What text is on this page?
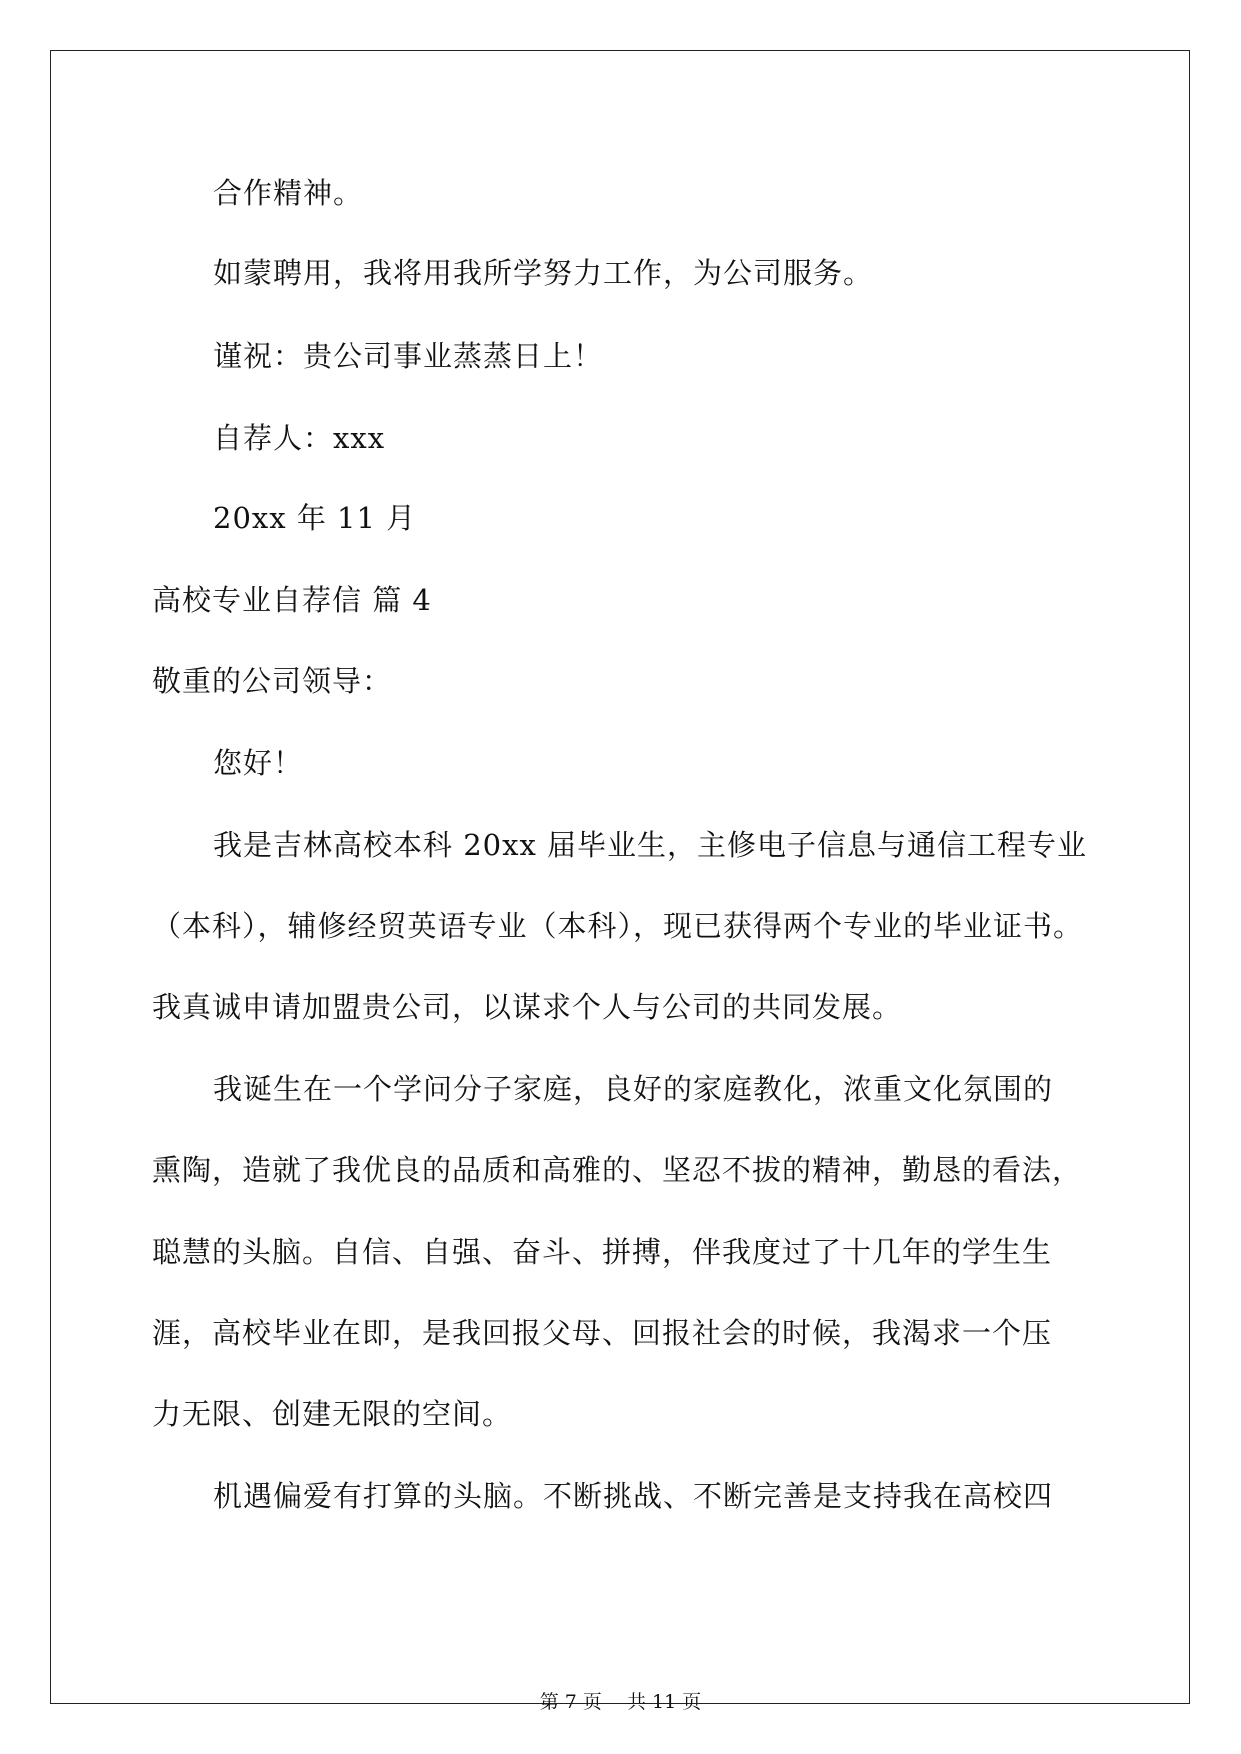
合作精神。
如蒙聘用，我将用我所学努力工作，为公司服务。
谨祝：贵公司事业蒸蒸日上！
自荐人：xxx
20xx 年 11 月
高校专业自荐信 篇 4
敬重的公司领导：
您好！
我是吉林高校本科 20xx 届毕业生，主修电子信息与通信工程专业
（本科），辅修经贸英语专业（本科），现已获得两个专业的毕业证书。
我真诚申请加盟贵公司，以谋求个人与公司的共同发展。
我诞生在一个学问分子家庭，良好的家庭教化，浓重文化氛围的
熏陶，造就了我优良的品质和高雅的、坚忍不拔的精神，勤恳的看法，
聪慧的头脑。自信、自强、奋斗、拼搏，伴我度过了十几年的学生生
涯，高校毕业在即，是我回报父母、回报社会的时候，我渴求一个压
力无限、创建无限的空间。
机遇偏爱有打算的头脑。不断挑战、不断完善是支持我在高校四
第 7 页　 共 11 页
